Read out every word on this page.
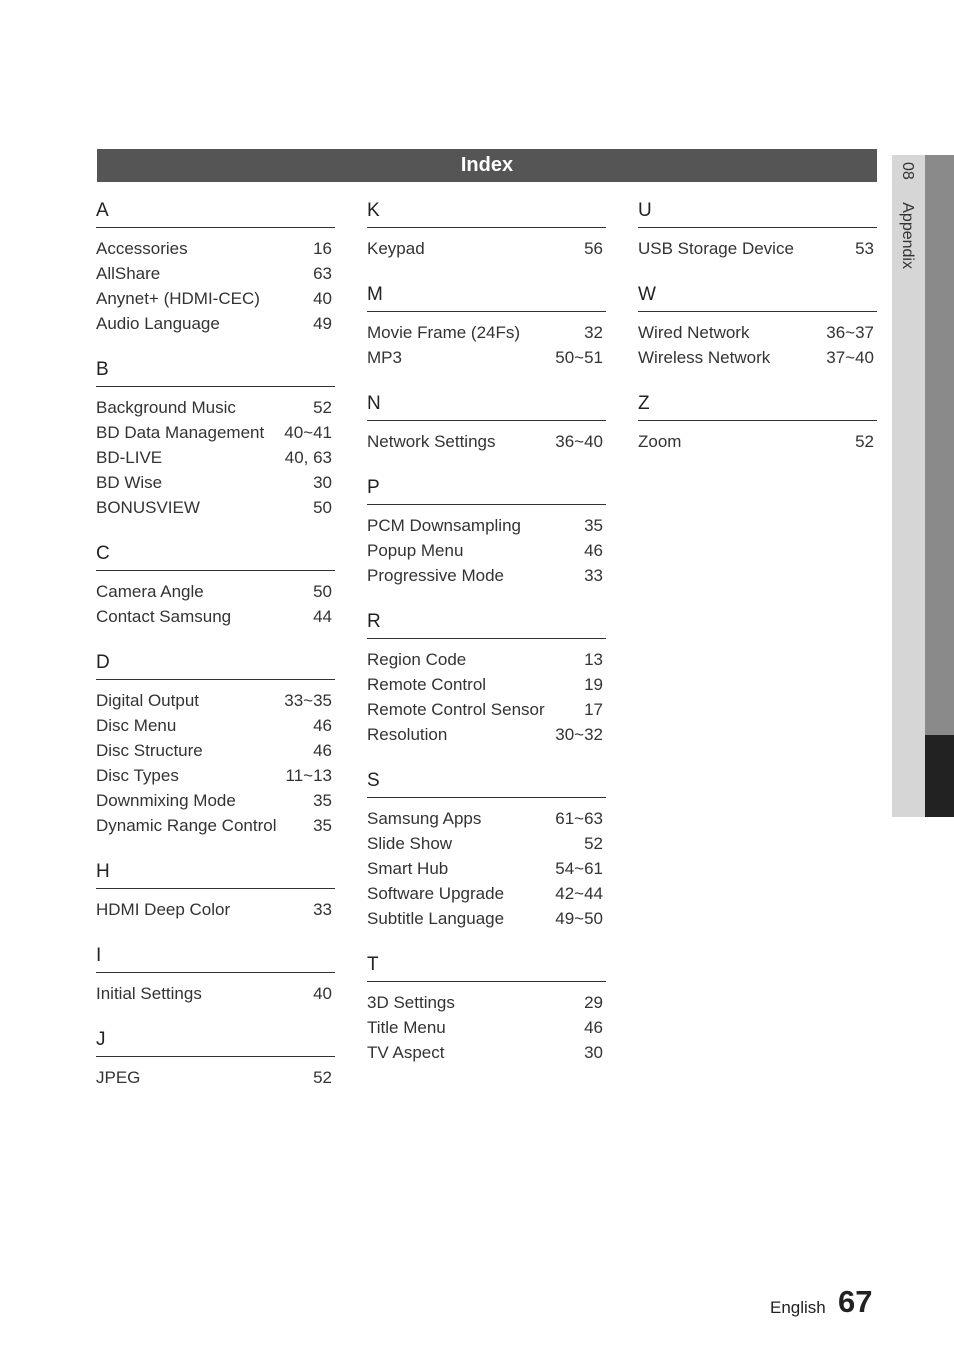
Index
A
Accessories	16
AllShare	63
Anynet+ (HDMI-CEC)	40
Audio Language	49
B
Background Music	52
BD Data Management 40~41
BD-LIVE	40, 63
BD Wise	30
BONUSVIEW	50
C
Camera Angle	50
Contact Samsung	44
D
Digital Output	33~35
Disc Menu	46
Disc Structure	46
Disc Types	11~13
Downmixing Mode	35
Dynamic Range Control 35
H
HDMI Deep Color	33
I
Initial Settings	40
J
JPEG	52
K
Keypad	56
M
Movie Frame (24Fs)	32
MP3	50~51
N
Network Settings	36~40
P
PCM Downsampling	35
Popup Menu	46
Progressive Mode	33
R
Region Code	13
Remote Control	19
Remote Control Sensor 17
Resolution	30~32
S
Samsung Apps	61~63
Slide Show	52
Smart Hub	54~61
Software Upgrade	42~44
Subtitle Language	49~50
T
3D Settings	29
Title Menu	46
TV Aspect	30
U
USB Storage Device	53
W
Wired Network	36~37
Wireless Network	37~40
Z
Zoom	52
08 Appendix
English 67
